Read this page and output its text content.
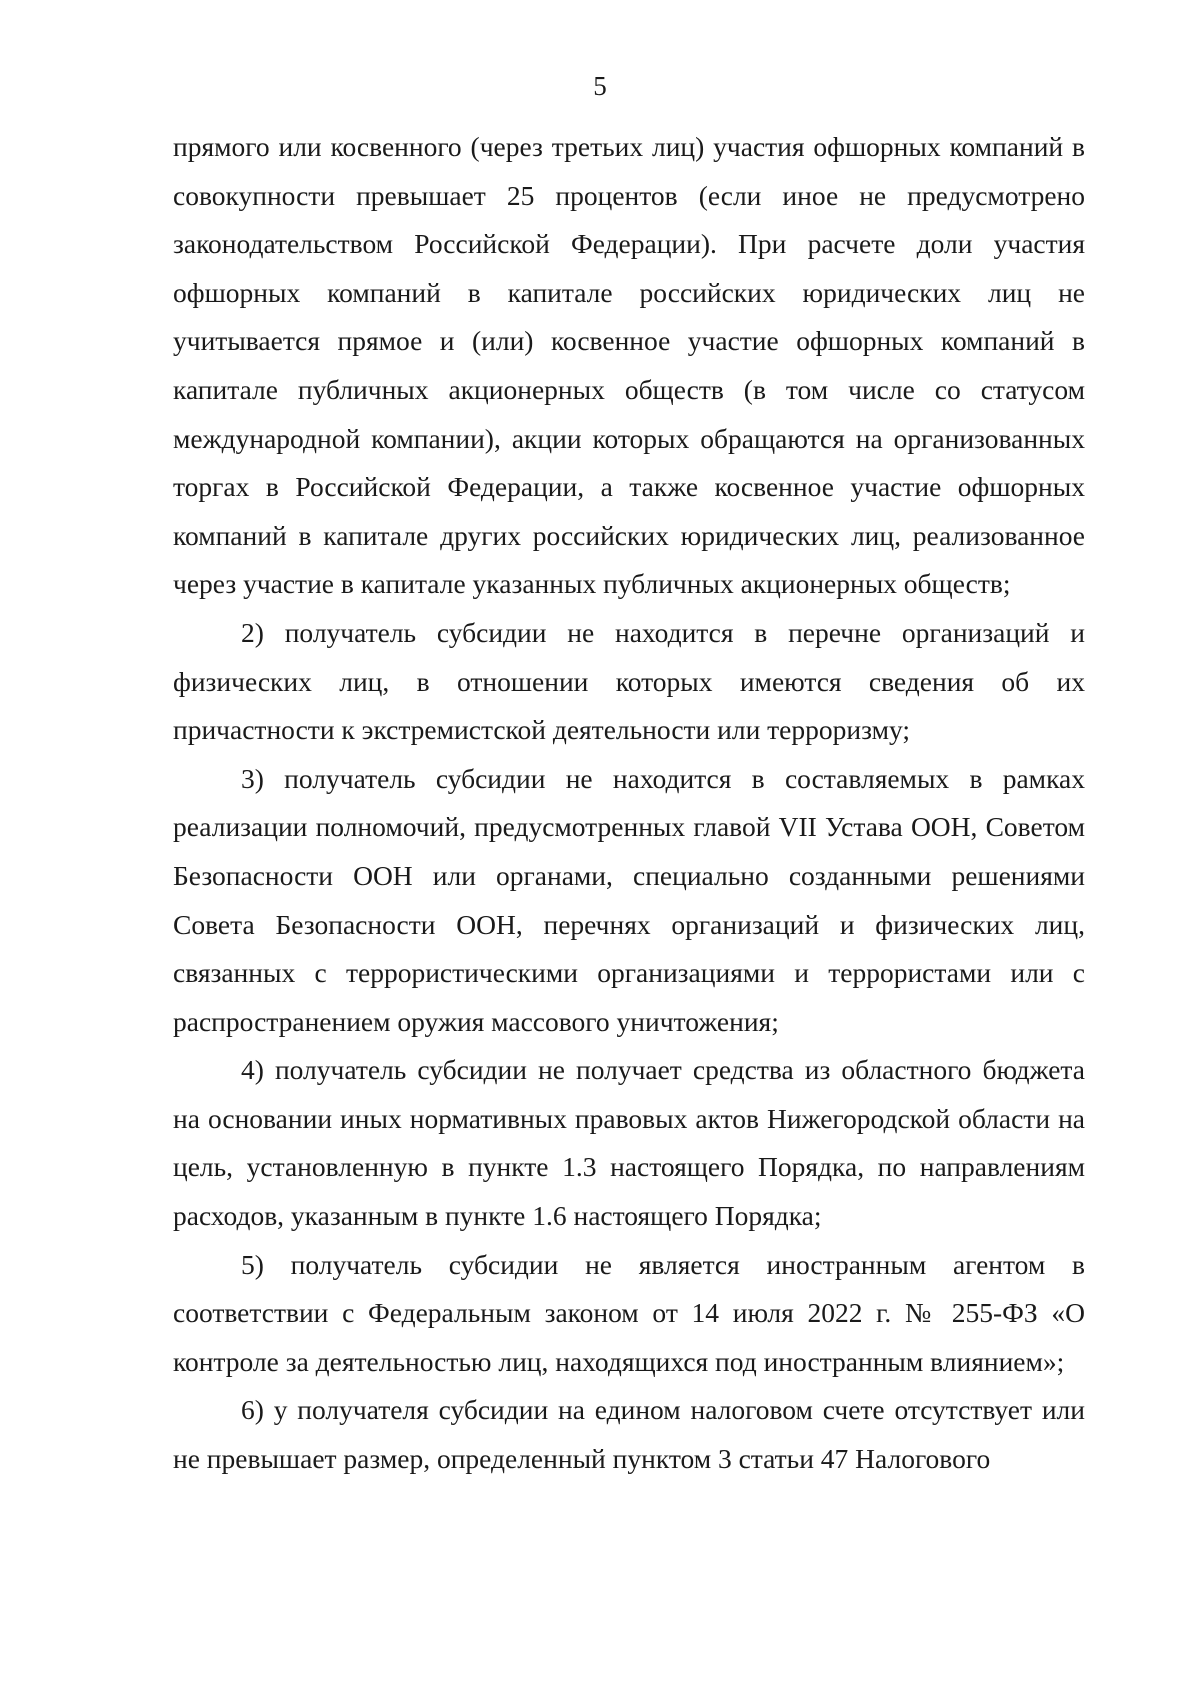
5

прямого или косвенного (через третьих лиц) участия офшорных компаний в совокупности превышает 25 процентов (если иное не предусмотрено законодательством Российской Федерации). При расчете доли участия офшорных компаний в капитале российских юридических лиц не учитывается прямое и (или) косвенное участие офшорных компаний в капитале публичных акционерных обществ (в том числе со статусом международной компании), акции которых обращаются на организованных торгах в Российской Федерации, а также косвенное участие офшорных компаний в капитале других российских юридических лиц, реализованное через участие в капитале указанных публичных акционерных обществ;

2) получатель субсидии не находится в перечне организаций и физических лиц, в отношении которых имеются сведения об их причастности к экстремистской деятельности или терроризму;

3) получатель субсидии не находится в составляемых в рамках реализации полномочий, предусмотренных главой VII Устава ООН, Советом Безопасности ООН или органами, специально созданными решениями Совета Безопасности ООН, перечнях организаций и физических лиц, связанных с террористическими организациями и террористами или с распространением оружия массового уничтожения;

4) получатель субсидии не получает средства из областного бюджета на основании иных нормативных правовых актов Нижегородской области на цель, установленную в пункте 1.3 настоящего Порядка, по направлениям расходов, указанным в пункте 1.6 настоящего Порядка;

5) получатель субсидии не является иностранным агентом в соответствии с Федеральным законом от 14 июля 2022 г. № 255-ФЗ «О контроле за деятельностью лиц, находящихся под иностранным влиянием»;

6) у получателя субсидии на едином налоговом счете отсутствует или не превышает размер, определенный пунктом 3 статьи 47 Налогового
